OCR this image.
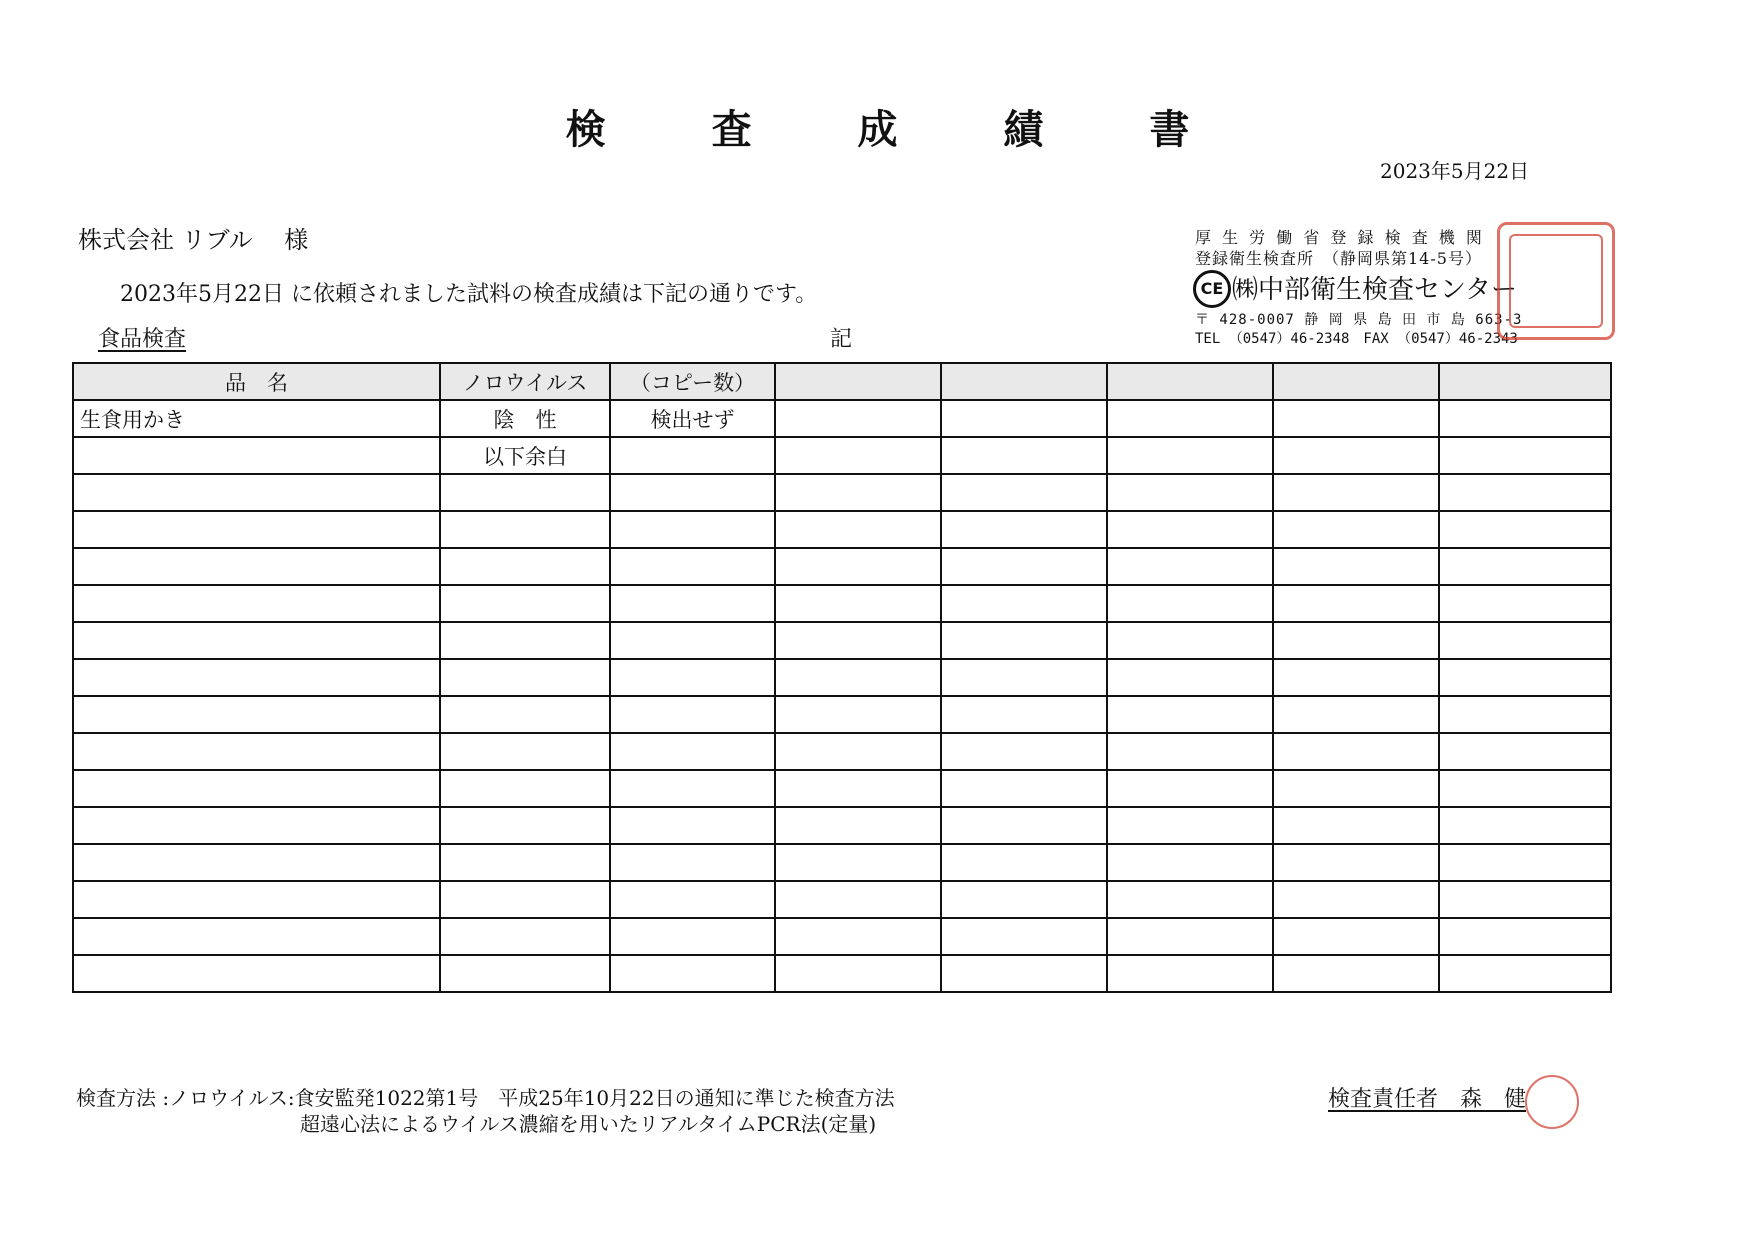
検 査 成 績 書
2023年5月22日
株式会社 リブル　 様
2023年5月22日 に依頼されました試料の検査成績は下記の通りです。
食品検査	記
厚 生 労 働 省 登 録 検 査 機 関
登録衛生検査所　（静岡県第14-5号）
CE ㈱中部衛生検査センター
〒 428-0007 静 岡 県 島 田 市 島 663-3
TEL （0547）46-2348　FAX （0547）46-2343
品　名	ノロウイルス	（コピー数）					
生食用かき	陰　性	検出せず					
	以下余白						

検査方法 :ノロウイルス:食安監発1022第1号　平成25年10月22日の通知に準じた検査方法
超遠心法によるウイルス濃縮を用いたリアルタイムPCR法(定量)
検査責任者　森　健
